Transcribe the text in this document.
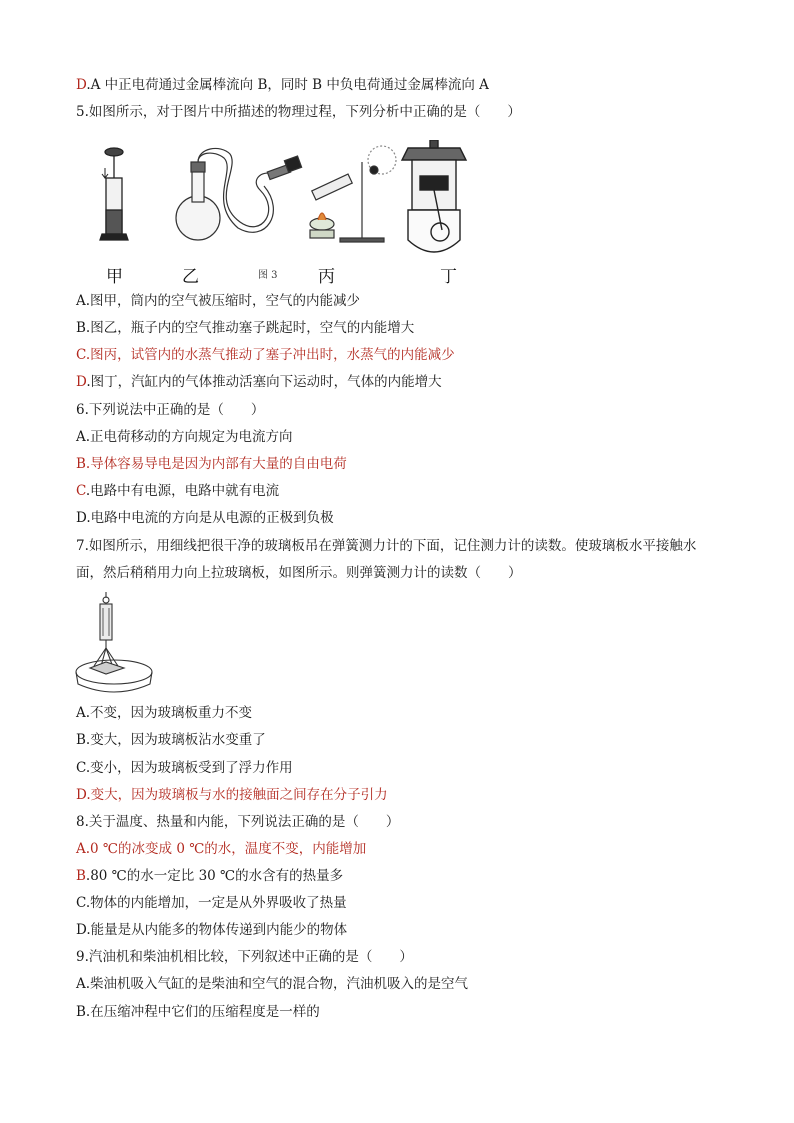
D.A 中正电荷通过金属棒流向 B，同时 B 中负电荷通过金属棒流向 A
5.如图所示，对于图片中所描述的物理过程，下列分析中正确的是（　　）
甲	乙	图 3 丙	丁
A.图甲，筒内的空气被压缩时，空气的内能减少
B.图乙，瓶子内的空气推动塞子跳起时，空气的内能增大
C.图丙，试管内的水蒸气推动了塞子冲出时，水蒸气的内能减少
D.图丁，汽缸内的气体推动活塞向下运动时，气体的内能增大
6.下列说法中正确的是（　　）
A.正电荷移动的方向规定为电流方向
B.导体容易导电是因为内部有大量的自由电荷
C.电路中有电源，电路中就有电流
D.电路中电流的方向是从电源的正极到负极
7.如图所示，用细线把很干净的玻璃板吊在弹簧测力计的下面，记住测力计的读数。使玻璃板水平接触水
面，然后稍稍用力向上拉玻璃板，如图所示。则弹簧测力计的读数（　　）
A.不变，因为玻璃板重力不变
B.变大，因为玻璃板沾水变重了
C.变小，因为玻璃板受到了浮力作用
D.变大，因为玻璃板与水的接触面之间存在分子引力
8.关于温度、热量和内能，下列说法正确的是（　　）
A.0 ℃的冰变成 0 ℃的水，温度不变，内能增加
B.80 ℃的水一定比 30 ℃的水含有的热量多
C.物体的内能增加，一定是从外界吸收了热量
D.能量是从内能多的物体传递到内能少的物体
9.汽油机和柴油机相比较，下列叙述中正确的是（　　）
A.柴油机吸入气缸的是柴油和空气的混合物，汽油机吸入的是空气
B.在压缩冲程中它们的压缩程度是一样的
